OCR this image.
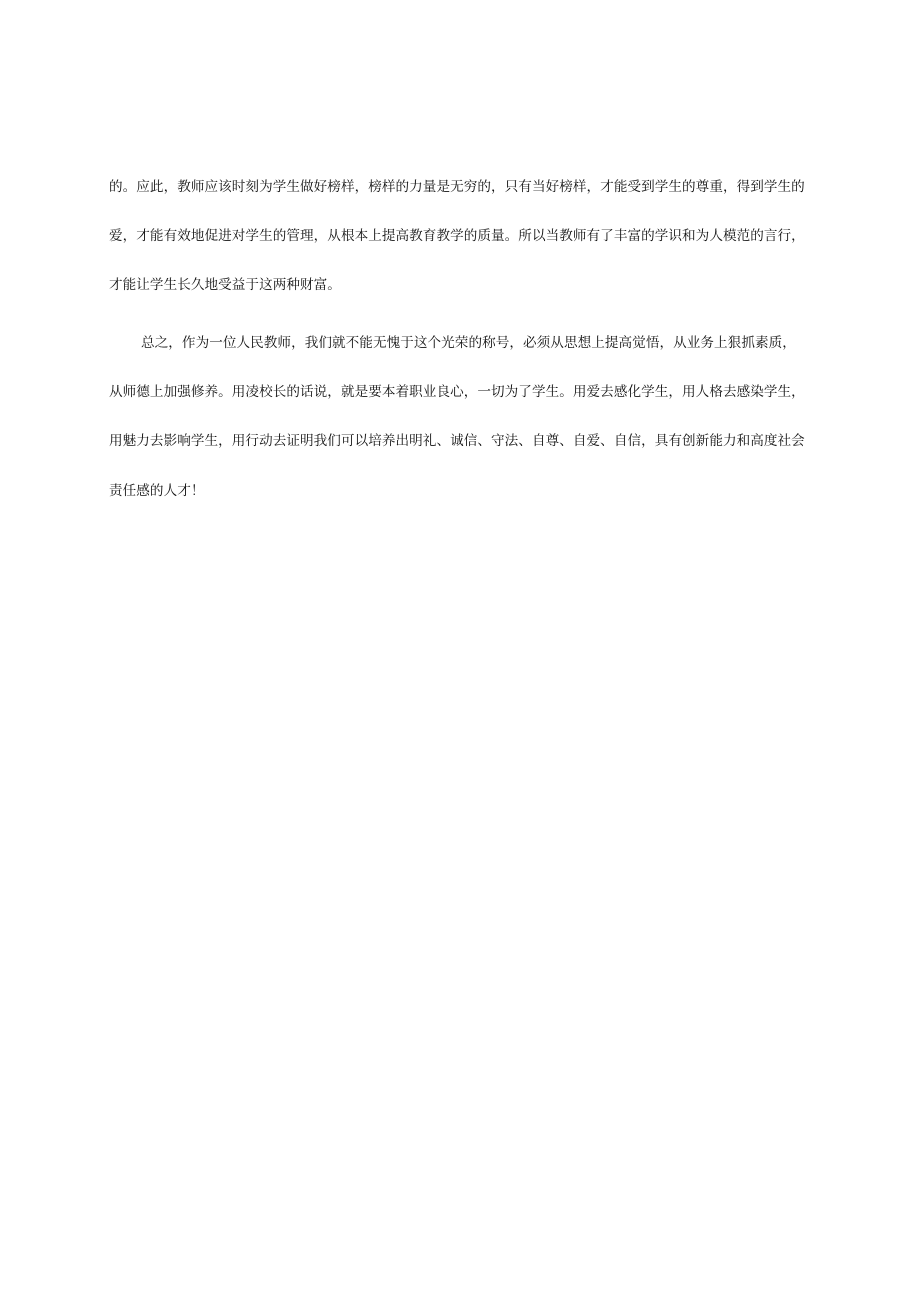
的。应此，教师应该时刻为学生做好榜样，榜样的力量是无穷的，只有当好榜样，才能受到学生的尊重，得到学生的
爱，才能有效地促进对学生的管理，从根本上提高教育教学的质量。所以当教师有了丰富的学识和为人模范的言行，
才能让学生长久地受益于这两种财富。
总之，作为一位人民教师，我们就不能无愧于这个光荣的称号，必须从思想上提高觉悟，从业务上狠抓素质，
从师德上加强修养。用凌校长的话说，就是要本着职业良心，一切为了学生。用爱去感化学生，用人格去感染学生，
用魅力去影响学生，用行动去证明我们可以培养出明礼、诚信、守法、自尊、自爱、自信，具有创新能力和高度社会
责任感的人才！
